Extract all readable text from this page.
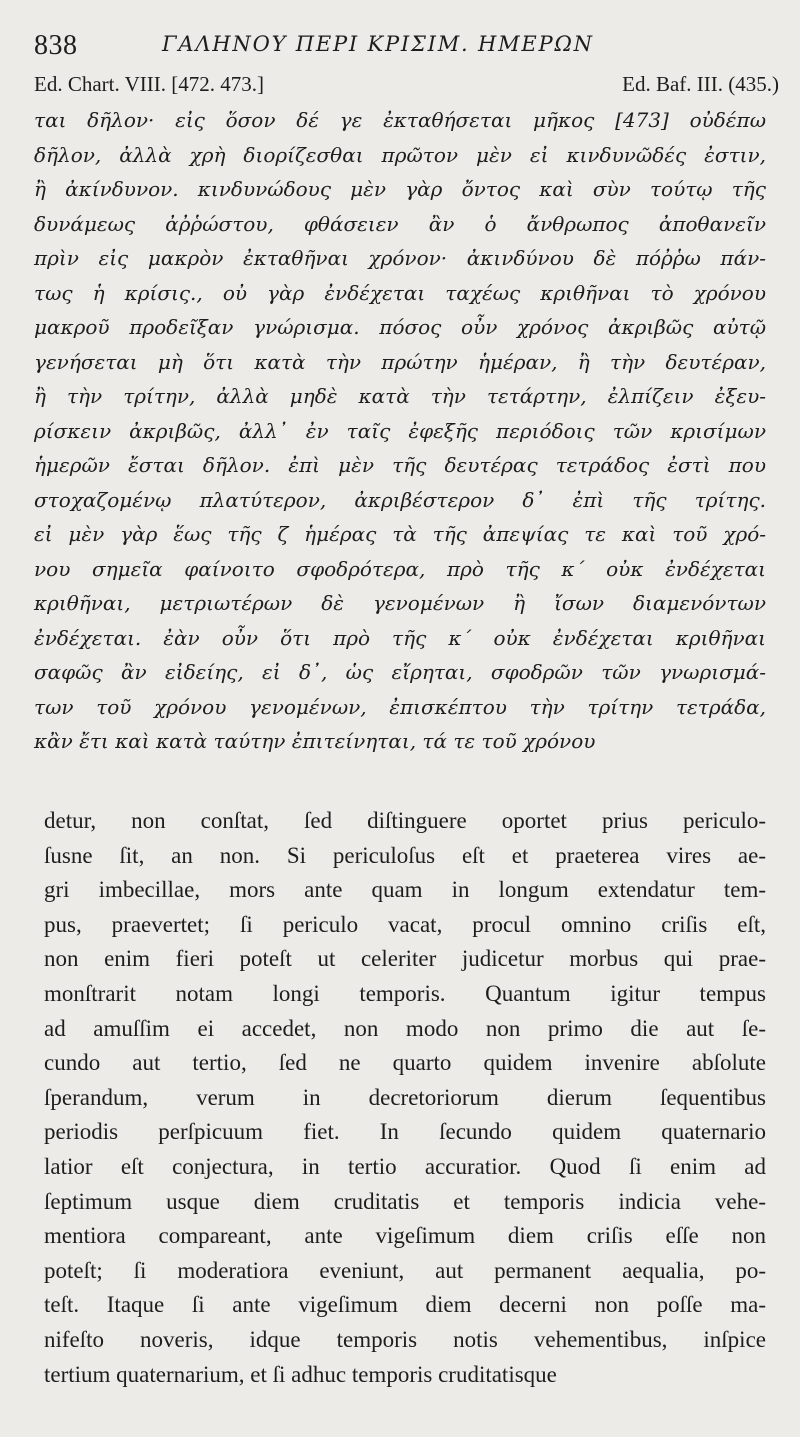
838	ΓΑΛΗΝΟΥ ΠΕΡΙ ΚΡΙΣΙΜ. ΗΜΕΡΩΝ
Ed. Chart. VIII. [472. 473.]	Ed. Baf. III. (435.)
ται δῆλον· εἰς ὅσον δέ γε ἐκταθήσεται μῆκος [473] οὐδέπω
δῆλον, ἀλλὰ χρὴ διορίζεσθαι πρῶτον μὲν εἰ κινδυνῶδές ἐστιν,
ἢ ἀκίνδυνον. κινδυνώδους μὲν γὰρ ὄντος καὶ σὺν τούτῳ τῆς
δυνάμεως ἀῤῥώστου, φθάσειεν ἂν ὁ ἄνθρωπος ἀποθανεῖν
πρὶν εἰς μακρὸν ἐκταθῆναι χρόνον· ἀκινδύνου δὲ πόῤῥω πάν-
τως ἡ κρίσις., οὐ γὰρ ἐνδέχεται ταχέως κριθῆναι τὸ χρόνου
μακροῦ προδεῖξαν γνώρισμα. πόσος οὖν χρόνος ἀκριβῶς αὐτῷ
γενήσεται μὴ ὅτι κατὰ τὴν πρώτην ἡμέραν, ἢ τὴν δευτέραν,
ἢ τὴν τρίτην, ἀλλὰ μηδὲ κατὰ τὴν τετάρτην, ἐλπίζειν ἐξευ-
ρίσκειν ἀκριβῶς, ἀλλ᾽ ἐν ταῖς ἐφεξῆς περιόδοις τῶν κρισίμων
ἡμερῶν ἔσται δῆλον. ἐπὶ μὲν τῆς δευτέρας τετράδος ἐστὶ που
στοχαζομένῳ πλατύτερον, ἀκριβέστερον δ᾽ ἐπὶ τῆς τρίτης.
εἰ μὲν γὰρ ἕως τῆς ζ ἡμέρας τὰ τῆς ἀπεψίας τε καὶ τοῦ χρό-
νου σημεῖα φαίνοιτο σφοδρότερα, πρὸ τῆς κ´ οὐκ ἐνδέχεται
κριθῆναι, μετριωτέρων δὲ γενομένων ἢ ἴσων διαμενόντων
ἐνδέχεται. ἐὰν οὖν ὅτι πρὸ τῆς κ´ οὐκ ἐνδέχεται κριθῆναι
σαφῶς ἂν εἰδείης, εἰ δ᾽, ὡς εἴρηται, σφοδρῶν τῶν γνωρισμά-
των τοῦ χρόνου γενομένων, ἐπισκέπτου τὴν τρίτην τετράδα,
κἂν ἔτι καὶ κατὰ ταύτην ἐπιτείνηται, τά τε τοῦ χρόνου
detur, non conſtat, ſed diſtinguere oportet prius periculo-
ſusne ſit, an non. Si periculoſus eſt et praeterea vires ae-
gri imbecillae, mors ante quam in longum extendatur tem-
pus, praevertet; ſi periculo vacat, procul omnino criſis eſt,
non enim fieri poteſt ut celeriter judicetur morbus qui prae-
monſtrarit notam longi temporis. Quantum igitur tempus
ad amuſſim ei accedet, non modo non primo die aut ſe-
cundo aut tertio, ſed ne quarto quidem invenire abſolute
ſperandum, verum in decretoriorum dierum ſequentibus
periodis perſpicuum fiet. In ſecundo quidem quaternario
latior eſt conjectura, in tertio accuratior. Quod ſi enim ad
ſeptimum usque diem cruditatis et temporis indicia vehe-
mentiora compareant, ante vigeſimum diem criſis eſſe non
poteſt; ſi moderatiora eveniunt, aut permanent aequalia, po-
teſt. Itaque ſi ante vigeſimum diem decerni non poſſe ma-
nifeſto noveris, idque temporis notis vehementibus, inſpice
tertium quaternarium, et ſi adhuc temporis cruditatisque
